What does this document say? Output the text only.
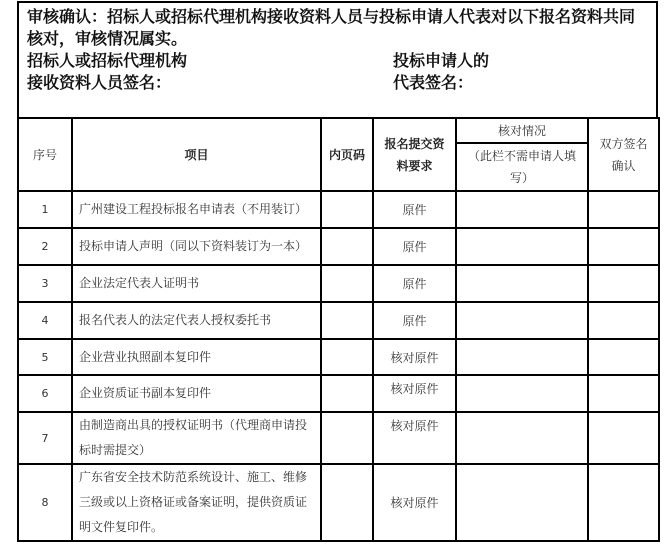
审核确认：招标人或招标代理机构接收资料人员与投标申请人代表对以下报名资料共同核对，审核情况属实。
招标人或招标代理机构接收资料人员签名：
投标申请人的代表签名：
序号	项目	内页码	报名提交资料要求	核对情况	双方签名确认
				（此栏不需申请人填写）	
1	广州建设工程投标报名申请表（不用装订）		原件		
2	投标申请人声明（同以下资料装订为一本）		原件		
3	企业法定代表人证明书		原件		
4	报名代表人的法定代表人授权委托书		原件		
5	企业营业执照副本复印件		核对原件		
6	企业资质证书副本复印件		核对原件		
7	由制造商出具的授权证明书（代理商申请投标时需提交）		核对原件		
8	广东省安全技术防范系统设计、施工、维修三级或以上资格证或备案证明，提供资质证明文件复印件。		核对原件		
